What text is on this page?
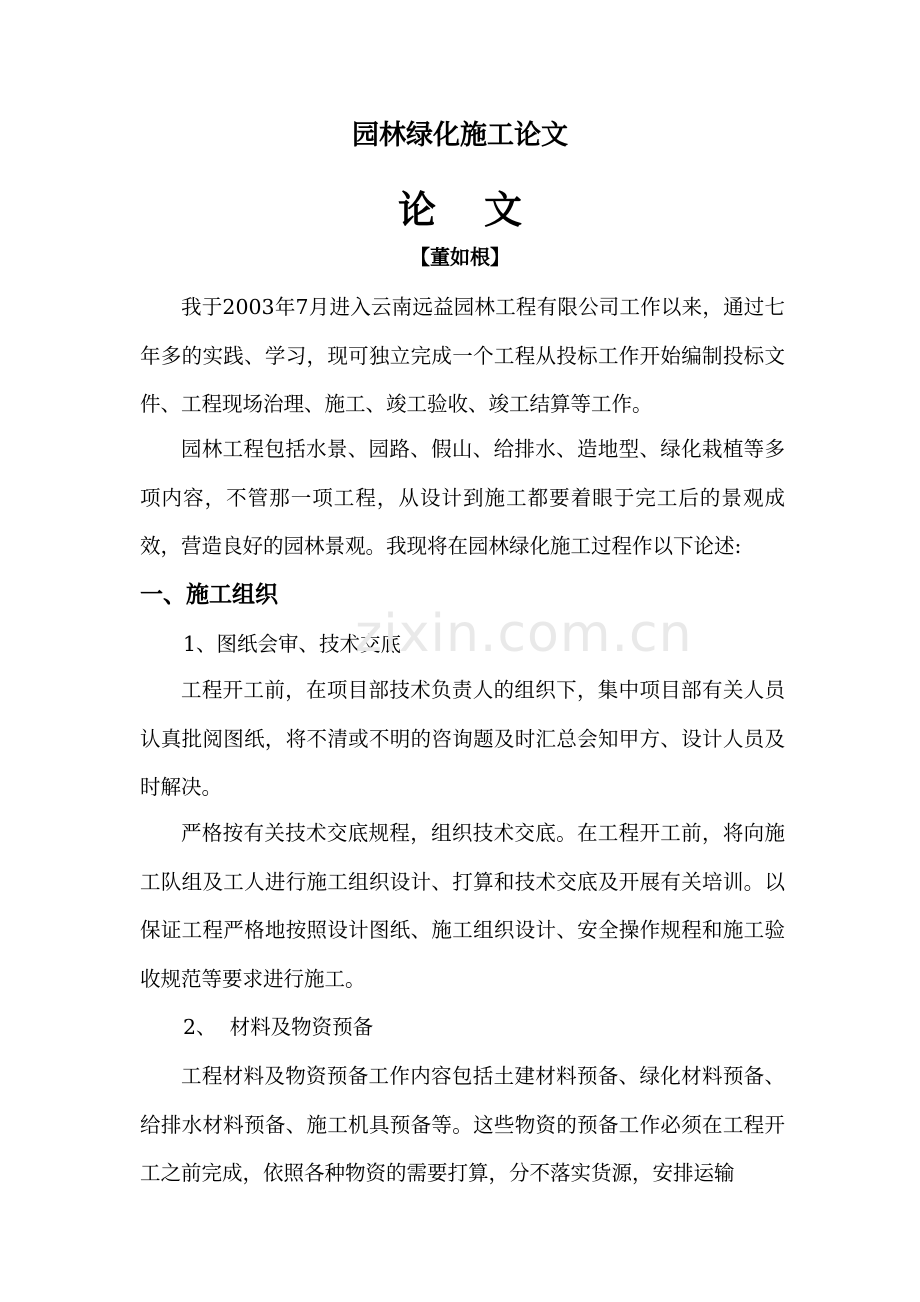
园林绿化施工论文
论文
【董如根】

我于2003年7月进入云南远益园林工程有限公司工作以来，通过七年多的实践、学习，现可独立完成一个工程从投标工作开始编制投标文件、工程现场治理、施工、竣工验收、竣工结算等工作。

园林工程包括水景、园路、假山、给排水、造地型、绿化栽植等多项内容，不管那一项工程，从设计到施工都要着眼于完工后的景观成效，营造良好的园林景观。我现将在园林绿化施工过程作以下论述:

一、施工组织
1、图纸会审、技术交底

工程开工前，在项目部技术负责人的组织下，集中项目部有关人员认真批阅图纸，将不清或不明的咨询题及时汇总会知甲方、设计人员及时解决。

严格按有关技术交底规程，组织技术交底。在工程开工前，将向施工队组及工人进行施工组织设计、打算和技术交底及开展有关培训。以保证工程严格地按照设计图纸、施工组织设计、安全操作规程和施工验收规范等要求进行施工。

2、  材料及物资预备

工程材料及物资预备工作内容包括土建材料预备、绿化材料预备、给排水材料预备、施工机具预备等。这些物资的预备工作必须在工程开工之前完成，依照各种物资的需要打算，分不落实货源，安排运输

zixin.com.cn
